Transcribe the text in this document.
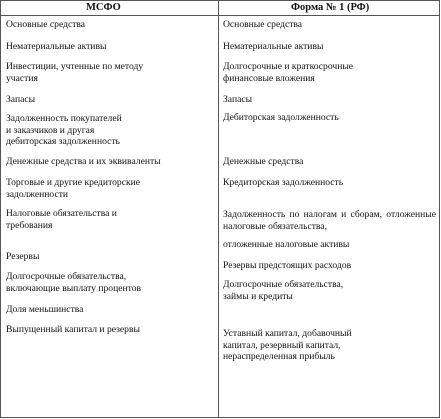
МСФО	Форма № 1 (РФ)
Основные средства
Нематериальные активы
Инвестиции, учтенные по методу
участия
Запасы
Задолженность покупателей
и заказчиков и другая
дебиторская задолженность
Денежные средства и их эквиваленты
Торговые и другие кредиторские
задолженности
Налоговые обязательства и
требования
Резервы
Долгосрочные обязательства,
включающие выплату процентов
Доля меньшинства
Выпущенный капитал и резервы
Основные средства
Нематериальные активы
Долгосрочные и краткосрочные
финансовые вложения
Запасы
Дебиторская задолженность
Денежные средства
Кредиторская задолженность
Задолженность по налогам и сборам, отложенные налоговые обязательства,
отложенные налоговые активы
Резервы предстоящих расходов
Долгосрочные обязательства,
займы и кредиты
Уставный капитал, добавочный
капитал, резервный капитал,
нераспределенная прибыль
